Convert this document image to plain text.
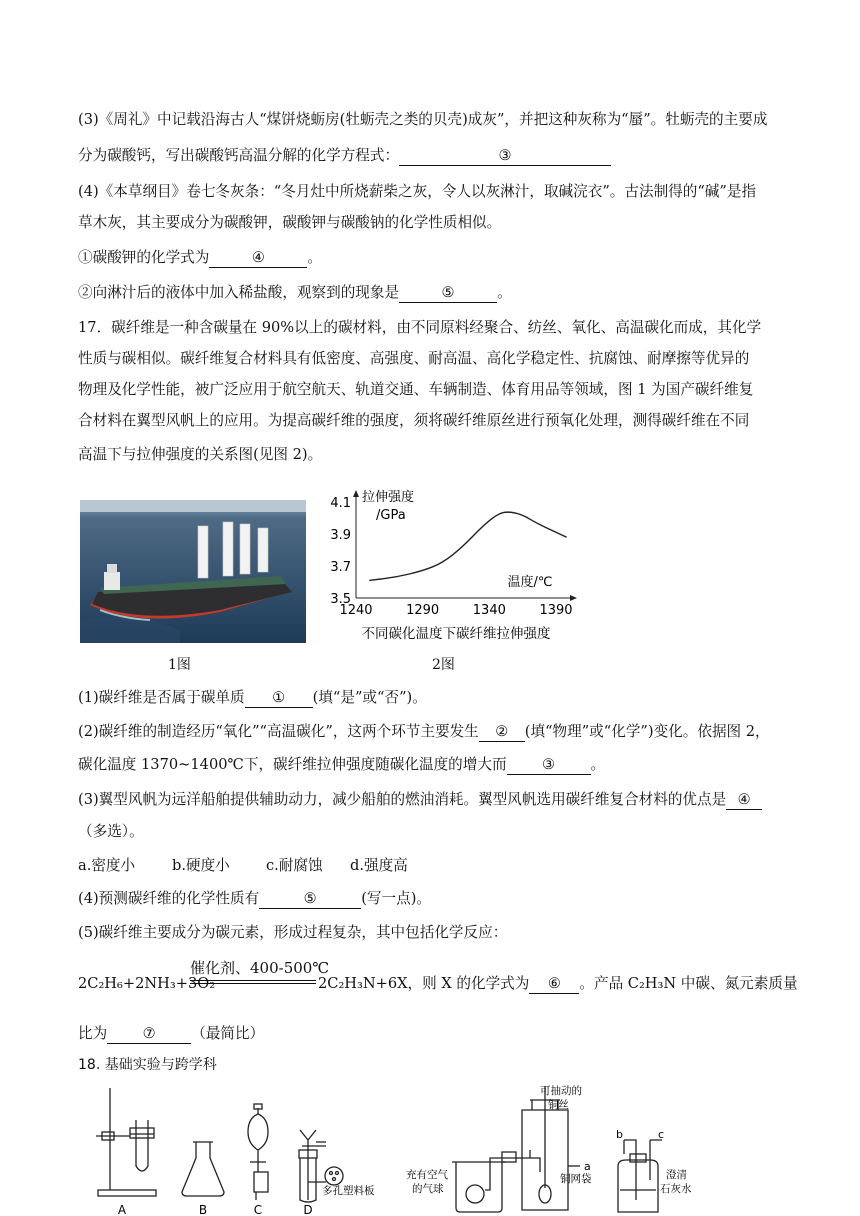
(3)《周礼》中记载沿海古人“煤饼烧蛎房(牡蛎壳之类的贝壳)成灰”，并把这种灰称为“蜃”。牡蛎壳的主要成
分为碳酸钙，写出碳酸钙高温分解的化学方程式：	③
(4)《本草纲目》卷七冬灰条：“冬月灶中所烧薪柴之灰，令人以灰淋汁，取碱浣衣”。古法制得的“碱”是指
草木灰，其主要成分为碳酸钾，碳酸钾与碳酸钠的化学性质相似。
①碳酸钾的化学式为	④	。
②向淋汁后的液体中加入稀盐酸，观察到的现象是	⑤	。
17．碳纤维是一种含碳量在 90%以上的碳材料，由不同原料经聚合、纺丝、氧化、高温碳化而成，其化学
性质与碳相似。碳纤维复合材料具有低密度、高强度、耐高温、高化学稳定性、抗腐蚀、耐摩擦等优异的
物理及化学性能，被广泛应用于航空航天、轨道交通、车辆制造、体育用品等领域，图 1 为国产碳纤维复
合材料在翼型风帆上的应用。为提高碳纤维的强度，须将碳纤维原丝进行预氧化处理，测得碳纤维在不同
高温下与拉伸强度的关系图(见图 2)。
1图
拉伸强度
/GPa
温度/℃
不同碳化温度下碳纤维拉伸强度
3.5
3.7
3.9
4.1
1240	1290	1340	1390
2图
(1)碳纤维是否属于碳单质 ① (填“是”或“否”)。
(2)碳纤维的制造经历“氧化”“高温碳化”，这两个环节主要发生 ② (填“物理”或“化学”)变化。依据图 2，
碳化温度 1370~1400℃下，碳纤维拉伸强度随碳化温度的增大而 ③ 。
(3)翼型风帆为远洋船舶提供辅助动力，减少船舶的燃油消耗。翼型风帆选用碳纤维复合材料的优点是 ④
（多选）。
a.密度小	b.硬度小 c.耐腐蚀 d.强度高
(4)预测碳纤维的化学性质有	⑤	(写一点)。
(5)碳纤维主要成分为碳元素，形成过程复杂，其中包括化学反应：
催化剂、400-500℃
2C₂H₆+2NH₃+3O₂	2C₂H₃N+6X，则 X 的化学式为 ⑥ 。产品 C₂H₃N 中碳、氮元素质量
比为 ⑦ （最简比）
18. 基础实验与跨学科
A	B	C	D
多孔塑料板
充有空气
的气球
可抽动的
铜丝
铜网袋
a
b	c
澄清
石灰水
